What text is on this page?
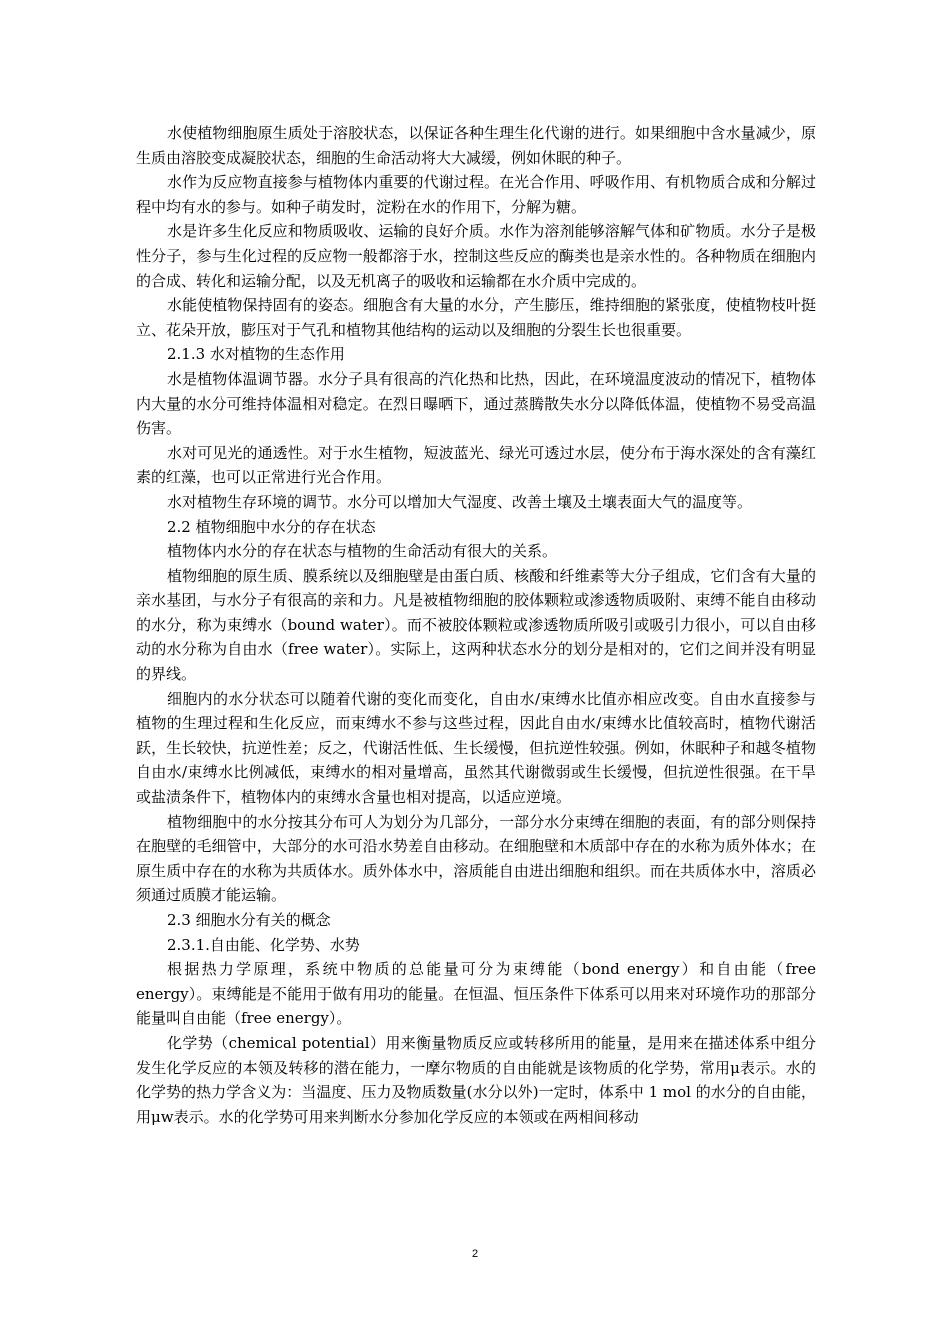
水使植物细胞原生质处于溶胶状态，以保证各种生理生化代谢的进行。如果细胞中含水量减少，原生质由溶胶变成凝胶状态，细胞的生命活动将大大减缓，例如休眠的种子。

水作为反应物直接参与植物体内重要的代谢过程。在光合作用、呼吸作用、有机物质合成和分解过程中均有水的参与。如种子萌发时，淀粉在水的作用下，分解为糖。

水是许多生化反应和物质吸收、运输的良好介质。水作为溶剂能够溶解气体和矿物质。水分子是极性分子，参与生化过程的反应物一般都溶于水，控制这些反应的酶类也是亲水性的。各种物质在细胞内的合成、转化和运输分配，以及无机离子的吸收和运输都在水介质中完成的。

水能使植物保持固有的姿态。细胞含有大量的水分，产生膨压，维持细胞的紧张度，使植物枝叶挺立、花朵开放，膨压对于气孔和植物其他结构的运动以及细胞的分裂生长也很重要。

2.1.3 水对植物的生态作用

水是植物体温调节器。水分子具有很高的汽化热和比热，因此，在环境温度波动的情况下，植物体内大量的水分可维持体温相对稳定。在烈日曝晒下，通过蒸腾散失水分以降低体温，使植物不易受高温伤害。

水对可见光的通透性。对于水生植物，短波蓝光、绿光可透过水层，使分布于海水深处的含有藻红素的红藻，也可以正常进行光合作用。

水对植物生存环境的调节。水分可以增加大气湿度、改善土壤及土壤表面大气的温度等。

2.2 植物细胞中水分的存在状态

植物体内水分的存在状态与植物的生命活动有很大的关系。

植物细胞的原生质、膜系统以及细胞壁是由蛋白质、核酸和纤维素等大分子组成，它们含有大量的亲水基团，与水分子有很高的亲和力。凡是被植物细胞的胶体颗粒或渗透物质吸附、束缚不能自由移动的水分，称为束缚水（bound water）。而不被胶体颗粒或渗透物质所吸引或吸引力很小，可以自由移动的水分称为自由水（free water）。实际上，这两种状态水分的划分是相对的，它们之间并没有明显的界线。

细胞内的水分状态可以随着代谢的变化而变化，自由水/束缚水比值亦相应改变。自由水直接参与植物的生理过程和生化反应，而束缚水不参与这些过程，因此自由水/束缚水比值较高时，植物代谢活跃，生长较快，抗逆性差；反之，代谢活性低、生长缓慢，但抗逆性较强。例如，休眠种子和越冬植物自由水/束缚水比例减低，束缚水的相对量增高，虽然其代谢微弱或生长缓慢，但抗逆性很强。在干旱或盐渍条件下，植物体内的束缚水含量也相对提高，以适应逆境。

植物细胞中的水分按其分布可人为划分为几部分，一部分水分束缚在细胞的表面，有的部分则保持在胞壁的毛细管中，大部分的水可沿水势差自由移动。在细胞壁和木质部中存在的水称为质外体水；在原生质中存在的水称为共质体水。质外体水中，溶质能自由进出细胞和组织。而在共质体水中，溶质必须通过质膜才能运输。

2.3 细胞水分有关的概念

2.3.1.自由能、化学势、水势

根据热力学原理，系统中物质的总能量可分为束缚能（bond energy）和自由能（free energy）。束缚能是不能用于做有用功的能量。在恒温、恒压条件下体系可以用来对环境作功的那部分能量叫自由能（free energy）。

化学势（chemical potential）用来衡量物质反应或转移所用的能量，是用来在描述体系中组分发生化学反应的本领及转移的潜在能力，一摩尔物质的自由能就是该物质的化学势，常用μ表示。水的化学势的热力学含义为：当温度、压力及物质数量(水分以外)一定时，体系中 1 mol 的水分的自由能，用μw表示。水的化学势可用来判断水分参加化学反应的本领或在两相间移动

2
